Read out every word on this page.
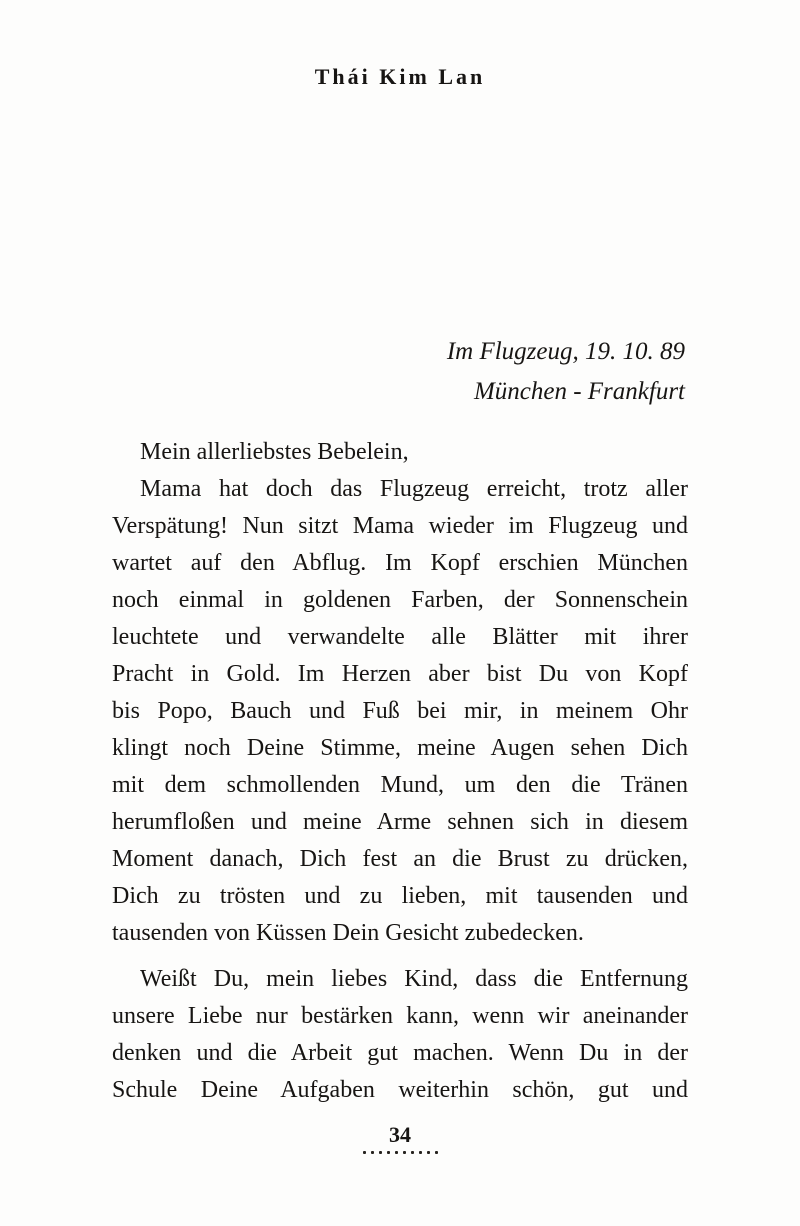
Thái Kim Lan
Im Flugzeug, 19. 10. 89
München - Frankfurt
Mein allerliebstes Bebelein,
Mama hat doch das Flugzeug erreicht, trotz aller
Verspätung! Nun sitzt Mama wieder im Flugzeug und
wartet auf den Abflug. Im Kopf erschien München
noch einmal in goldenen Farben, der Sonnenschein
leuchtete und verwandelte alle Blätter mit ihrer
Pracht in Gold. Im Herzen aber bist Du von Kopf
bis Popo, Bauch und Fuß bei mir, in meinem Ohr
klingt noch Deine Stimme, meine Augen sehen Dich
mit dem schmollenden Mund, um den die Tränen
herumfloßen und meine Arme sehnen sich in diesem
Moment danach, Dich fest an die Brust zu drücken,
Dich zu trösten und zu lieben, mit tausenden und
tausenden von Küssen Dein Gesicht zubedecken.
Weißt Du, mein liebes Kind, dass die Entfernung
unsere Liebe nur bestärken kann, wenn wir aneinander
denken und die Arbeit gut machen. Wenn Du in der
Schule Deine Aufgaben weiterhin schön, gut und
34
